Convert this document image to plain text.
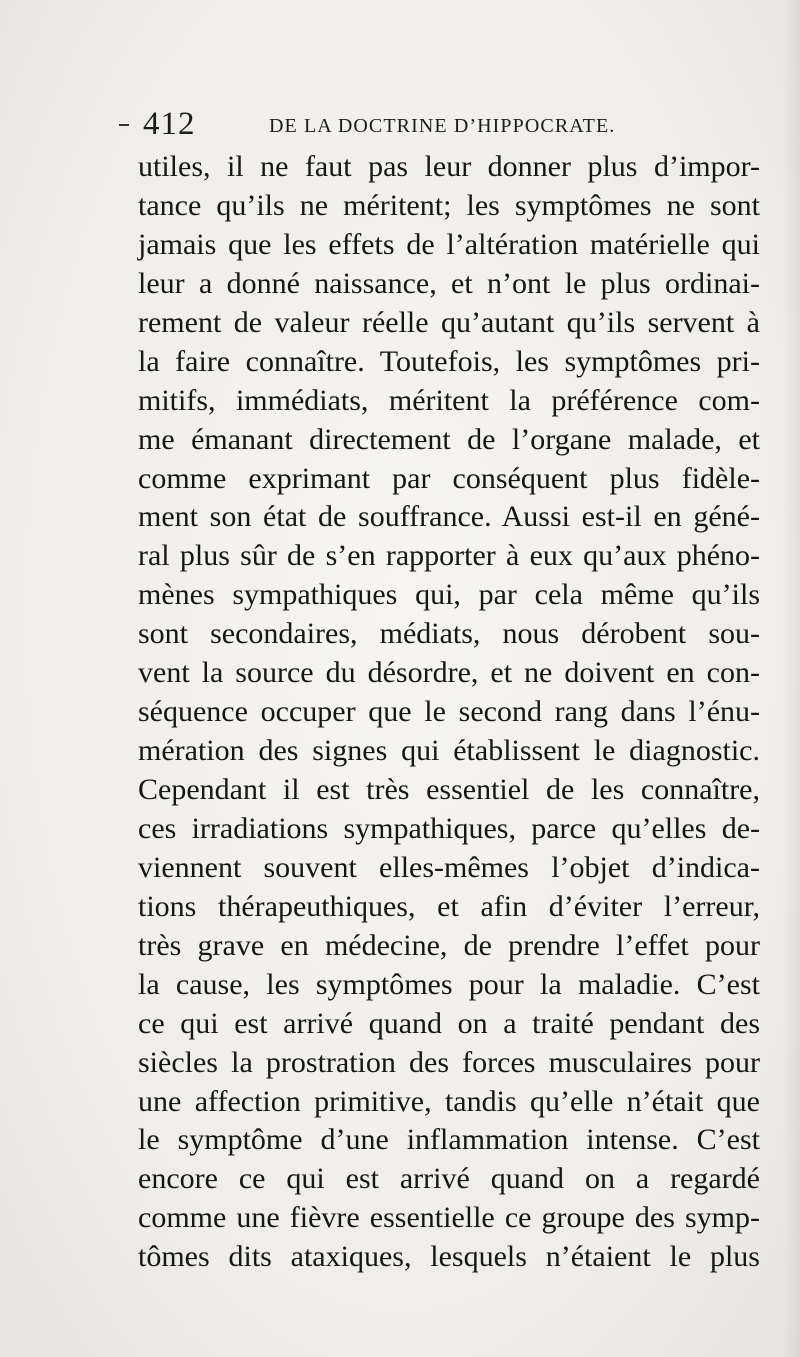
412	DE LA DOCTRINE D’HIPPOCRATE.
utiles, il ne faut pas leur donner plus d’impor-
tance qu’ils ne méritent; les symptômes ne sont
jamais que les effets de l’altération matérielle qui
leur a donné naissance, et n’ont le plus ordinai-
rement de valeur réelle qu’autant qu’ils servent à
la faire connaître. Toutefois, les symptômes pri-
mitifs, immédiats, méritent la préférence com-
me émanant directement de l’organe malade, et
comme exprimant par conséquent plus fidèle-
ment son état de souffrance. Aussi est-il en géné-
ral plus sûr de s’en rapporter à eux qu’aux phéno-
mènes sympathiques qui, par cela même qu’ils
sont secondaires, médiats, nous dérobent sou-
vent la source du désordre, et ne doivent en con-
séquence occuper que le second rang dans l’énu-
mération des signes qui établissent le diagnostic.
Cependant il est très essentiel de les connaître,
ces irradiations sympathiques, parce qu’elles de-
viennent souvent elles-mêmes l’objet d’indica-
tions thérapeuthiques, et afin d’éviter l’erreur,
très grave en médecine, de prendre l’effet pour
la cause, les symptômes pour la maladie. C’est
ce qui est arrivé quand on a traité pendant des
siècles la prostration des forces musculaires pour
une affection primitive, tandis qu’elle n’était que
le symptôme d’une inflammation intense. C’est
encore ce qui est arrivé quand on a regardé
comme une fièvre essentielle ce groupe des symp-
tômes dits ataxiques, lesquels n’étaient le plus
